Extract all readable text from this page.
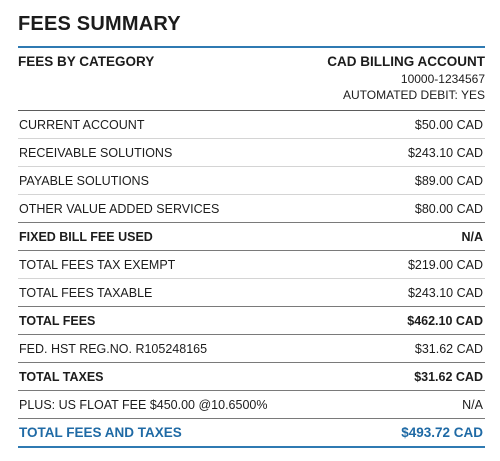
FEES SUMMARY
FEES BY CATEGORY	CAD BILLING ACCOUNT
10000-1234567
AUTOMATED DEBIT: YES
CURRENT ACCOUNT	$50.00 CAD
RECEIVABLE SOLUTIONS	$243.10 CAD
PAYABLE SOLUTIONS	$89.00 CAD
OTHER VALUE ADDED SERVICES	$80.00 CAD
FIXED BILL FEE USED	N/A
TOTAL FEES TAX EXEMPT	$219.00 CAD
TOTAL FEES TAXABLE	$243.10 CAD
TOTAL FEES	$462.10 CAD
FED. HST REG.NO. R105248165	$31.62 CAD
TOTAL TAXES	$31.62 CAD
PLUS: US FLOAT FEE $450.00 @10.6500%	N/A
TOTAL FEES AND TAXES	$493.72 CAD
